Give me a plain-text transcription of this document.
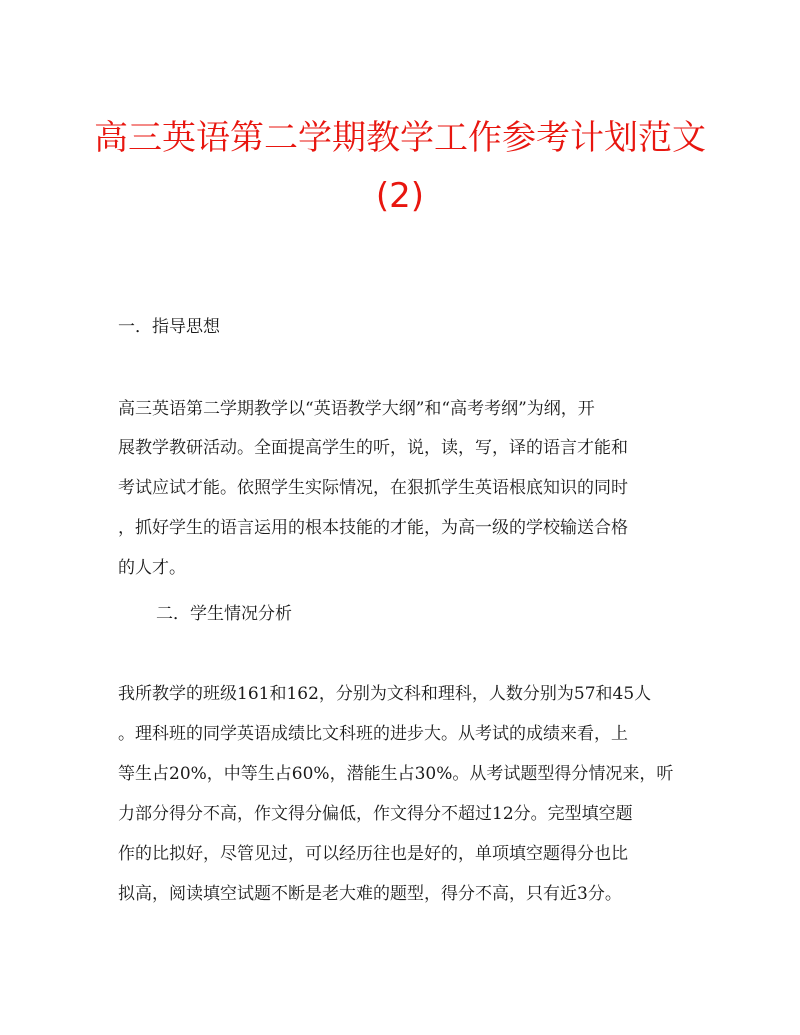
高三英语第二学期教学工作参考计划范文
(2)

一．指导思想

高三英语第二学期教学以“英语教学大纲”和“高考考纲”为纲，开

展教学教研活动。全面提高学生的听，说，读，写，译的语言才能和

考试应试才能。依照学生实际情况，在狠抓学生英语根底知识的同时

，抓好学生的语言运用的根本技能的才能，为高一级的学校输送合格

的人才。

二．学生情况分析

我所教学的班级161和162，分别为文科和理科，人数分别为57和45人

。理科班的同学英语成绩比文科班的进步大。从考试的成绩来看，上

等生占20%，中等生占60%，潜能生占30%。从考试题型得分情况来，听

力部分得分不高，作文得分偏低，作文得分不超过12分。完型填空题

作的比拟好，尽管见过，可以经历往也是好的，单项填空题得分也比

拟高，阅读填空试题不断是老大难的题型，得分不高，只有近3分。
